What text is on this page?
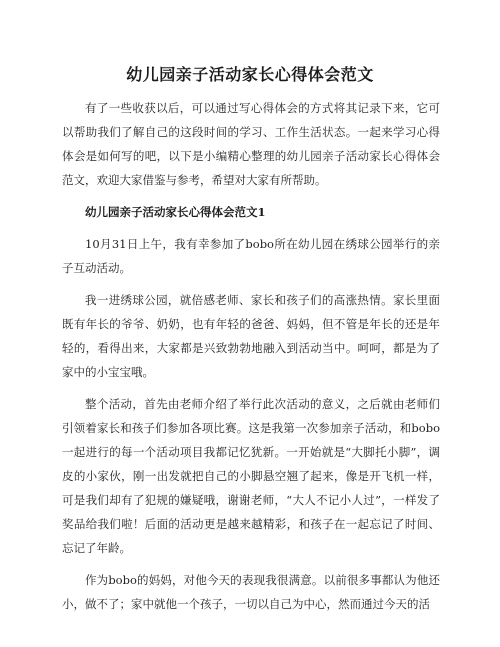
幼儿园亲子活动家长心得体会范文

有了一些收获以后，可以通过写心得体会的方式将其记录下来，它可以帮助我们了解自己的这段时间的学习、工作生活状态。一起来学习心得体会是如何写的吧，以下是小编精心整理的幼儿园亲子活动家长心得体会范文，欢迎大家借鉴与参考，希望对大家有所帮助。

幼儿园亲子活动家长心得体会范文1

10月31日上午，我有幸参加了bobo所在幼儿园在绣球公园举行的亲子互动活动。

我一进绣球公园，就倍感老师、家长和孩子们的高涨热情。家长里面既有年长的爷爷、奶奶，也有年轻的爸爸、妈妈，但不管是年长的还是年轻的，看得出来，大家都是兴致勃勃地融入到活动当中。呵呵，都是为了家中的小宝宝哦。

整个活动，首先由老师介绍了举行此次活动的意义，之后就由老师们引领着家长和孩子们参加各项比赛。这是我第一次参加亲子活动，和bobo一起进行的每一个活动项目我都记忆犹新。一开始就是“大脚托小脚”，调皮的小家伙，刚一出发就把自己的小脚悬空翘了起来，像是开飞机一样，可是我们却有了犯规的嫌疑哦，谢谢老师，“大人不记小人过”，一样发了奖品给我们啦！后面的活动更是越来越精彩，和孩子在一起忘记了时间、忘记了年龄。

作为bobo的妈妈，对他今天的表现我很满意。以前很多事都认为他还小，做不了；家中就他一个孩子，一切以自己为中心，然而通过今天的活
